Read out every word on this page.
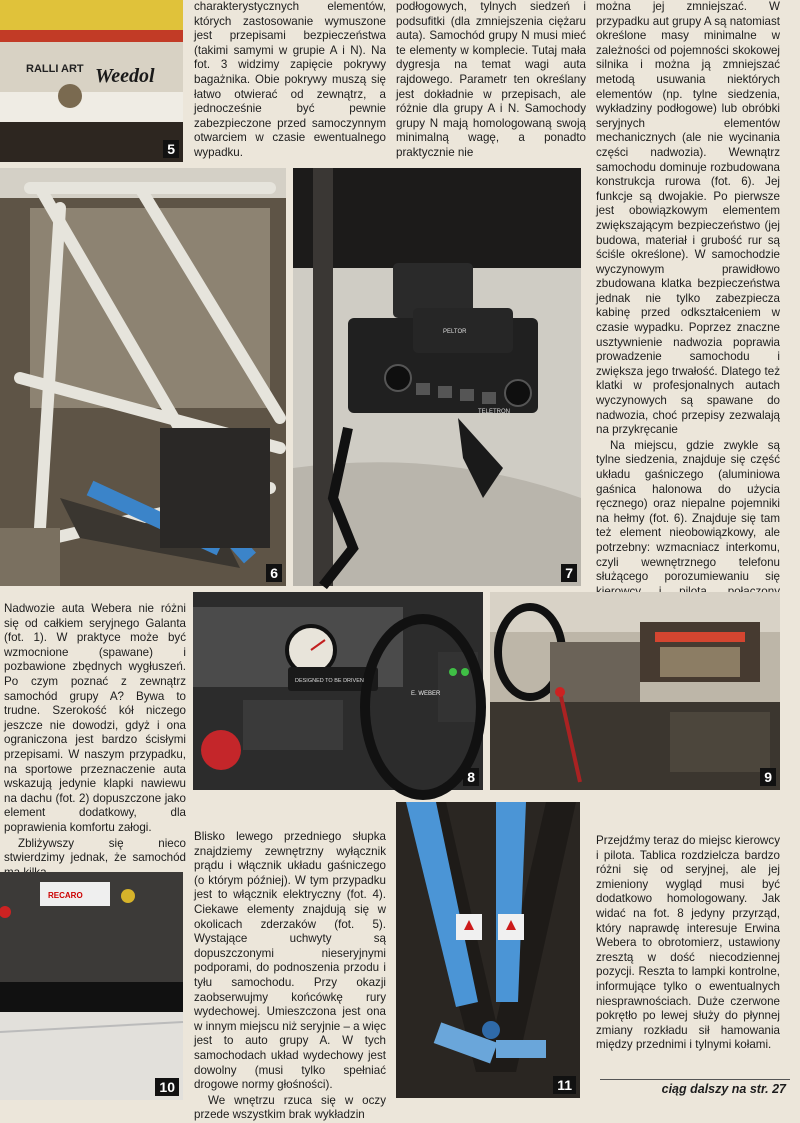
RALLI ART Weedol
5

charakterystycznych elementów, których zastosowanie wymuszone jest przepisami bezpieczeństwa (takimi samymi w grupie A i N). Na fot. 3 widzimy zapięcie pokrywy bagażnika. Obie pokrywy muszą się łatwo otwierać od zewnątrz, a jednocześnie być pewnie zabezpieczone przed samoczynnym otwarciem w czasie ewentualnego wypadku.

podłogowych, tylnych siedzeń i podsufitki (dla zmniejszenia ciężaru auta). Samochód grupy N musi mieć te elementy w komplecie. Tutaj mała dygresja na temat wagi auta rajdowego. Parametr ten określany jest dokładnie w przepisach, ale różnie dla grupy A i N. Samochody grupy N mają homologowaną swoją minimalną wagę, a ponadto praktycznie nie

można jej zmniejszać. W przypadku aut grupy A są natomiast określone masy minimalne w zależności od pojemności skokowej silnika i można ją zmniejszać metodą usuwania niektórych elementów (np. tylne siedzenia, wykładziny podłogowe) lub obróbki seryjnych elementów mechanicznych (ale nie wycinania części nadwozia). Wewnątrz samochodu dominuje rozbudowana konstrukcja rurowa (fot. 6). Jej funkcje są dwojakie. Po pierwsze jest obowiązkowym elementem zwiększającym bezpieczeństwo (jej budowa, materiał i grubość rur są ściśle określone). W samochodzie wyczynowym prawidłowo zbudowana klatka bezpieczeństwa jednak nie tylko zabezpiecza kabinę przed odkształceniem w czasie wypadku. Poprzez znaczne usztywnienie nadwozia poprawia prowadzenie samochodu i zwiększa jego trwałość. Dlatego też klatki w profesjonalnych autach wyczynowych są spawane do nadwozia, choć przepisy zezwalają na przykręcanie

Na miejscu, gdzie zwykle są tylne siedzenia, znajduje się część układu gaśniczego (aluminiowa gaśnica halonowa do użycia ręcznego) oraz niepalne pojemniki na hełmy (fot. 6). Znajduje się tam też element nieobowiązkowy, ale potrzebny: wzmacniacz interkomu, czyli wewnętrznego telefonu służącego porozumiewaniu się

6
PELTOR
TELETRON
7

Nadwozie auta Webera nie różni się od całkiem seryjnego Galanta (fot. 1). W praktyce może być wzmocnione (spawane) i pozbawione zbędnych wygłuszeń. Po czym poznać z zewnątrz samochód grupy A? Bywa to trudne. Szerokość kół niczego jeszcze nie dowodzi, gdyż i ona ograniczona jest bardzo ścisłymi przepisami. W naszym przypadku, na sportowe przeznaczenie auta wskazują jedynie klapki nawiewu na dachu (fot. 2) dopuszczone jako element dodatkowy, dla poprawienia komfortu załogi.

Zbliżywszy się nieco stwierdzimy jednak, że samochód

DESIGNED TO BE DRIVEN
E. WEBER
8	9
RECARO
10

Blisko lewego przedniego słupka znajdziemy zewnętrzny wyłącznik prądu i włącznik układu gaśniczego (o którym później). W tym przypadku jest to włącznik elektryczny (fot. 4). Ciekawe elementy znajdują się w okolicach zderzaków (fot. 5). Wystające uchwyty są dopuszczonymi nieseryjnymi podporami, do podnoszenia przodu i tyłu samochodu. Przy okazji zaobserwujmy końcówkę rury wydechowej. Umieszczona jest ona w innym miejscu niż seryjnie – a więc jest to auto grupy A. W tych samochodach układ wydechowy jest dowolny (musi tylko spełniać drogowe normy głośności).

We wnętrzu rzuca się w oczy przede wszystkim brak wykładzin

11

Przejdźmy teraz do miejsc kierowcy i pilota. Tablica rozdzielcza bardzo różni się od seryjnej, ale jej zmieniony wygląd musi być dodatkowo homologowany. Jak widać na fot. 8 jedyny przyrząd, który naprawdę interesuje Erwina Webera to obrotomierz, ustawiony zresztą w dość niecodziennej pozycji. Reszta to lampki kontrolne, informujące tylko o ewentualnych niesprawnościach. Duże czerwone pokrętło po lewej służy do płynnej zmiany rozkładu sił hamowania między przednimi i tylnymi kołami.

ciąg dalszy na str. 27
